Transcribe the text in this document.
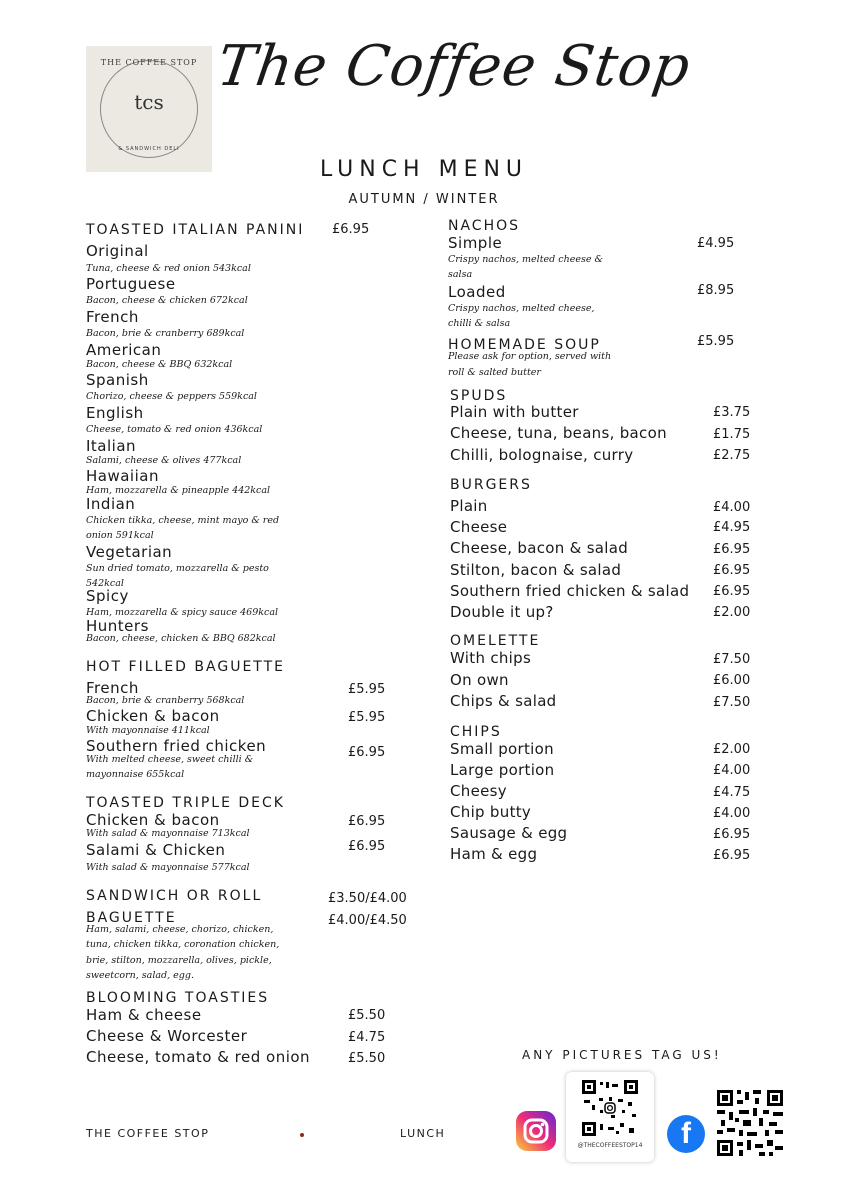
THE COFFEE STOP
tcs
& SANDWICH DELI
The Coffee Stop
LUNCH MENU
AUTUMN / WINTER
TOASTED ITALIAN PANINI £6.95
Original
Tuna, cheese & red onion 543kcal
Portuguese
Bacon, cheese & chicken 672kcal
French
Bacon, brie & cranberry 689kcal
American
Bacon, cheese & BBQ 632kcal
Spanish
Chorizo, cheese & peppers 559kcal
English
Cheese, tomato & red onion 436kcal
Italian
Salami, cheese & olives 477kcal
Hawaiian
Ham, mozzarella & pineapple 442kcal
Indian
Chicken tikka, cheese, mint mayo & red
onion 591kcal
Vegetarian
Sun dried tomato, mozzarella & pesto
542kcal
Spicy
Ham, mozzarella & spicy sauce 469kcal
Hunters
Bacon, cheese, chicken & BBQ 682kcal
HOT FILLED BAGUETTE
French
Bacon, brie & cranberry 568kcal
£5.95
Chicken & bacon
With mayonnaise 411kcal
£5.95
Southern fried chicken
With melted cheese, sweet chilli &
mayonnaise 655kcal
£6.95
TOASTED TRIPLE DECK
Chicken & bacon
With salad & mayonnaise 713kcal
£6.95
Salami & Chicken
With salad & mayonnaise 577kcal
£6.95
SANDWICH OR ROLL	£3.50/£4.00
BAGUETTE	£4.00/£4.50
Ham, salami, cheese, chorizo, chicken,
tuna, chicken tikka, coronation chicken,
brie, stilton, mozzarella, olives, pickle,
sweetcorn, salad, egg.
BLOOMING TOASTIES
Ham & cheese	£5.50
Cheese & Worcester	£4.75
Cheese, tomato & red onion	£5.50
NACHOS
Simple
Crispy nachos, melted cheese &
salsa
£4.95
Loaded
Crispy nachos, melted cheese,
chilli & salsa
£8.95
HOMEMADE SOUP
Please ask for option, served with
roll & salted butter
£5.95
SPUDS
Plain with butter	£3.75
Cheese, tuna, beans, bacon	£1.75
Chilli, bolognaise, curry	£2.75
BURGERS
Plain	£4.00
Cheese	£4.95
Cheese, bacon & salad	£6.95
Stilton, bacon & salad	£6.95
Southern fried chicken & salad £6.95
Double it up?	£2.00
OMELETTE
With chips	£7.50
On own	£6.00
Chips & salad	£7.50
CHIPS
Small portion	£2.00
Large portion	£4.00
Cheesy	£4.75
Chip butty	£4.00
Sausage & egg	£6.95
Ham & egg	£6.95
ANY PICTURES TAG US!
@THECOFFEESTOP14	f
THE COFFEE STOP	LUNCH
